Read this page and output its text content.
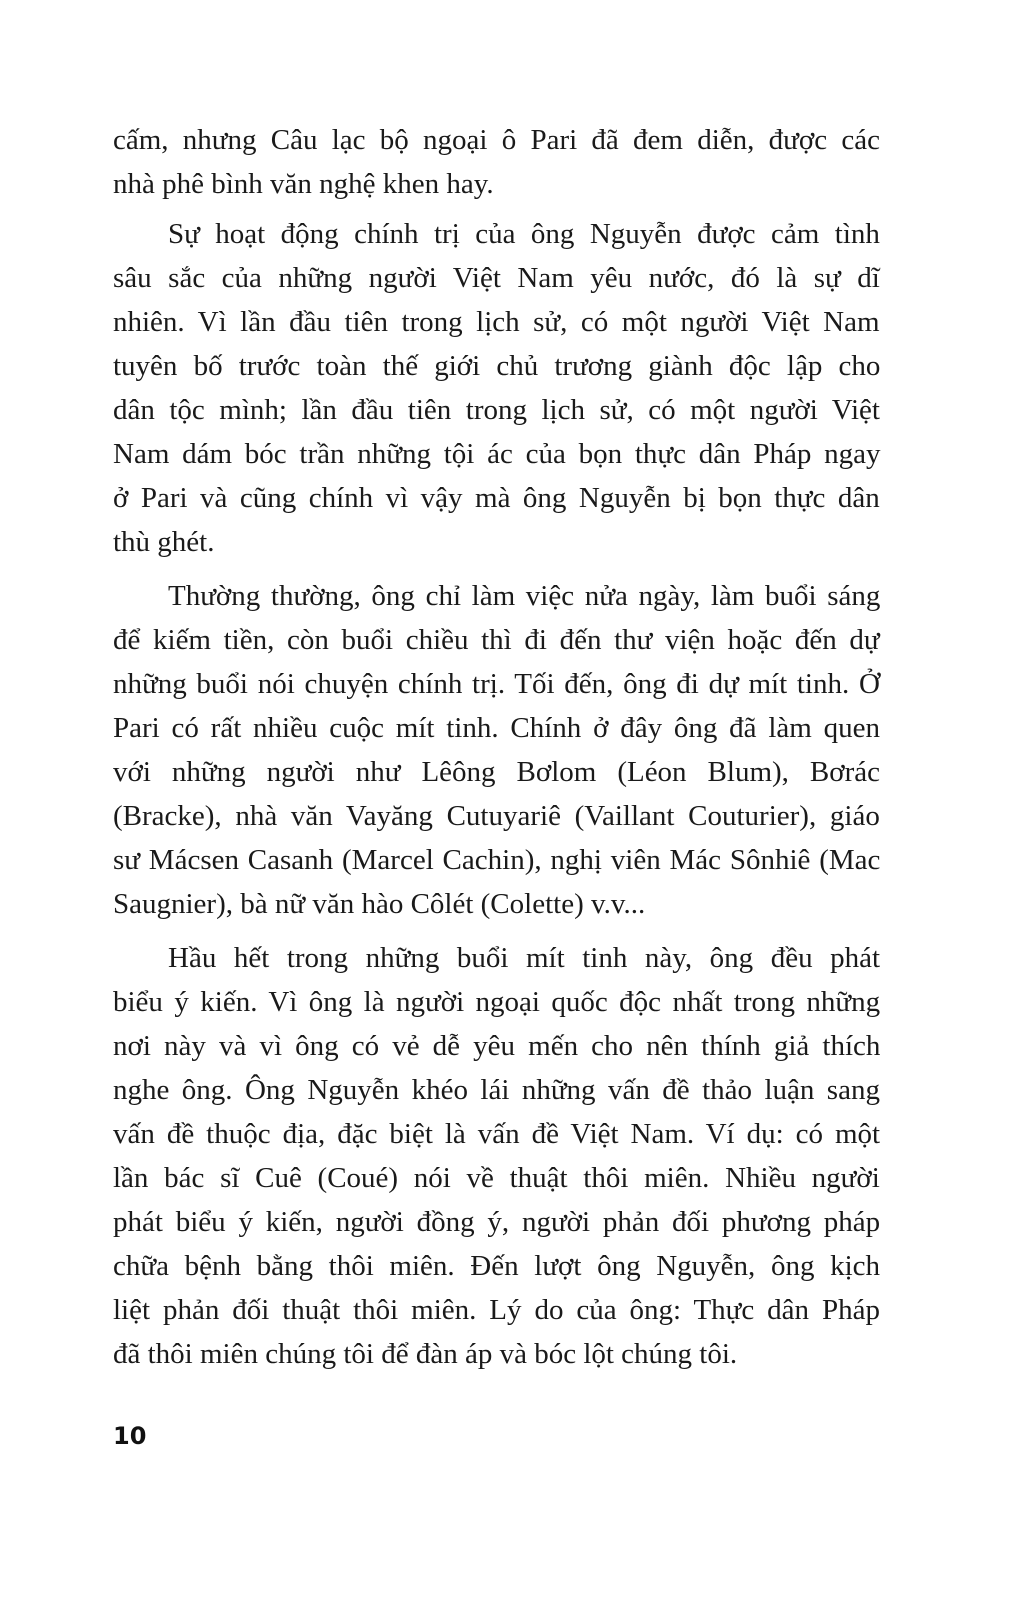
cấm, nhưng Câu lạc bộ ngoại ô Pari đã đem diễn, được các
nhà phê bình văn nghệ khen hay.
Sự hoạt động chính trị của ông Nguyễn được cảm tình
sâu sắc của những người Việt Nam yêu nước, đó là sự dĩ
nhiên. Vì lần đầu tiên trong lịch sử, có một người Việt Nam
tuyên bố trước toàn thế giới chủ trương giành độc lập cho
dân tộc mình; lần đầu tiên trong lịch sử, có một người Việt
Nam dám bóc trần những tội ác của bọn thực dân Pháp ngay
ở Pari và cũng chính vì vậy mà ông Nguyễn bị bọn thực dân
thù ghét.
Thường thường, ông chỉ làm việc nửa ngày, làm buổi sáng
để kiếm tiền, còn buổi chiều thì đi đến thư viện hoặc đến dự
những buổi nói chuyện chính trị. Tối đến, ông đi dự mít tinh. Ở
Pari có rất nhiều cuộc mít tinh. Chính ở đây ông đã làm quen
với những người như Lêông Bơlom (Léon Blum), Bơrác
(Bracke), nhà văn Vayăng Cutuyariê (Vaillant Couturier), giáo
sư Mácsen Casanh (Marcel Cachin), nghị viên Mác Sônhiê (Mac
Saugnier), bà nữ văn hào Côlét (Colette) v.v...
Hầu hết trong những buổi mít tinh này, ông đều phát
biểu ý kiến. Vì ông là người ngoại quốc độc nhất trong những
nơi này và vì ông có vẻ dễ yêu mến cho nên thính giả thích
nghe ông. Ông Nguyễn khéo lái những vấn đề thảo luận sang
vấn đề thuộc địa, đặc biệt là vấn đề Việt Nam. Ví dụ: có một
lần bác sĩ Cuê (Coué) nói về thuật thôi miên. Nhiều người
phát biểu ý kiến, người đồng ý, người phản đối phương pháp
chữa bệnh bằng thôi miên. Đến lượt ông Nguyễn, ông kịch
liệt phản đối thuật thôi miên. Lý do của ông: Thực dân Pháp
đã thôi miên chúng tôi để đàn áp và bóc lột chúng tôi.
10
